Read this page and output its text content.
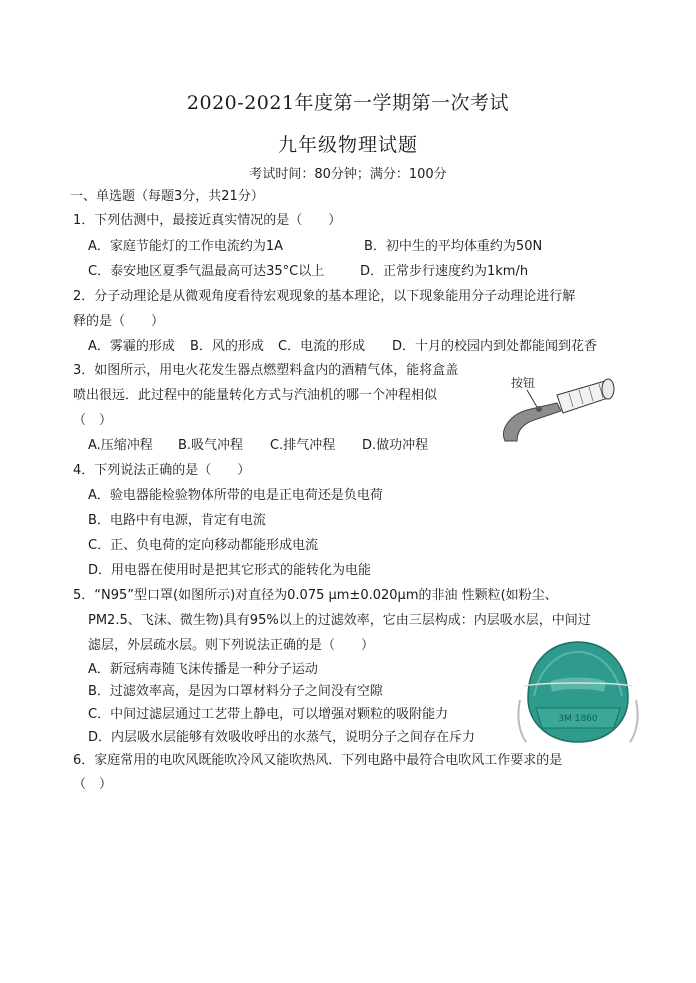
2020-2021年度第一学期第一次考试
九年级物理试题
考试时间：80分钟；满分：100分
一、单选题（每题3分，共21分）
1．下列估测中，最接近真实情况的是（　　）
A．家庭节能灯的工作电流约为1A	B．初中生的平均体重约为50N
C．泰安地区夏季气温最高可达35°C以上	D．正常步行速度约为1km/h
2．分子动理论是从微观角度看待宏观现象的基本理论，以下现象能用分子动理论进行解
释的是（　　）
A．雾霾的形成 B．风的形成 C．电流的形成 D．十月的校园内到处都能闻到花香
3．如图所示，用电火花发生器点燃塑料盒内的酒精气体，能将盒盖
喷出很远．此过程中的能量转化方式与汽油机的哪一个冲程相似
（　）
A.压缩冲程 B.吸气冲程 C.排气冲程 D.做功冲程
按钮
4．下列说法正确的是（　　）
A．验电器能检验物体所带的电是正电荷还是负电荷
B．电路中有电源，肯定有电流
C．正、负电荷的定向移动都能形成电流
D．用电器在使用时是把其它形式的能转化为电能
5．“N95”型口罩(如图所示)对直径为0.075 μm±0.020μm的非油 性颗粒(如粉尘、
PM2.5、飞沫、微生物)具有95%以上的过滤效率，它由三层构成：内层吸水层，中间过
滤层，外层疏水层。则下列说法正确的是（　　）
A．新冠病毒随飞沫传播是一种分子运动
B．过滤效率高，是因为口罩材料分子之间没有空隙
C．中间过滤层通过工艺带上静电，可以增强对颗粒的吸附能力
D．内层吸水层能够有效吸收呼出的水蒸气，说明分子之间存在斥力
3M 1860
6．家庭常用的电吹风既能吹冷风又能吹热风．下列电路中最符合电吹风工作要求的是
（　）
